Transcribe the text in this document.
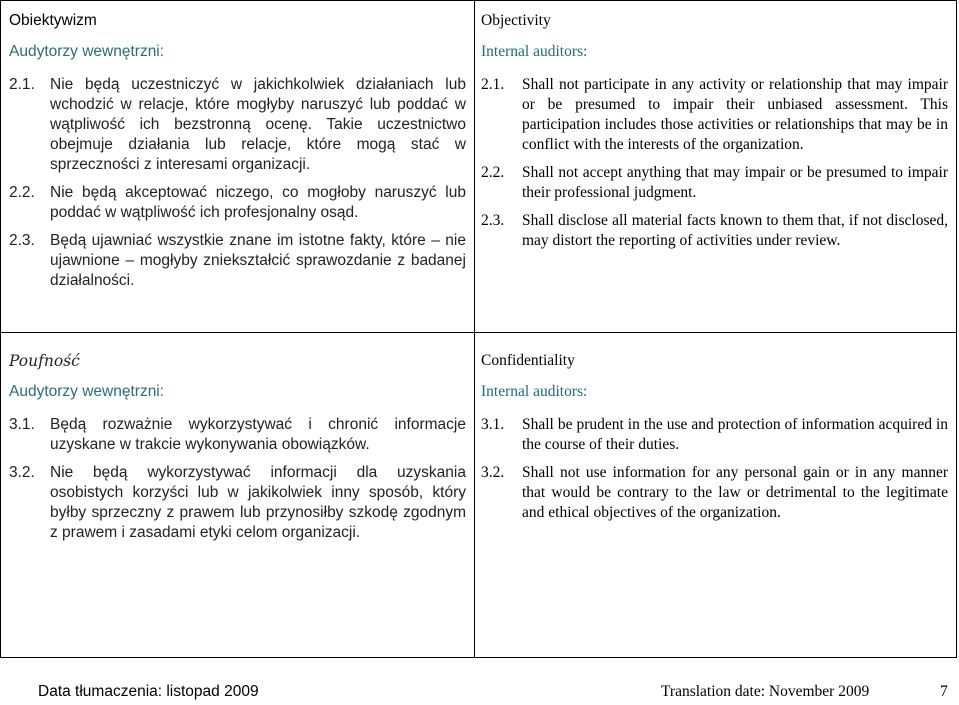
Obiektywizm
Audytorzy wewnętrzni:
2.1. Nie będą uczestniczyć w jakichkolwiek działaniach lub wchodzić w relacje, które mogłyby naruszyć lub poddać w wątpliwość ich bezstronną ocenę. Takie uczestnictwo obejmuje działania lub relacje, które mogą stać w sprzeczności z interesami organizacji.
2.2. Nie będą akceptować niczego, co mogłoby naruszyć lub poddać w wątpliwość ich profesjonalny osąd.
2.3. Będą ujawniać wszystkie znane im istotne fakty, które – nie ujawnione – mogłyby zniekształcić sprawozdanie z badanej działalności.
Objectivity
Internal auditors:
2.1.	Shall not participate in any activity or relationship that may impair or be presumed to impair their unbiased assessment. This participation includes those activities or relationships that may be in conflict with the interests of the organization.
2.2.	Shall not accept anything that may impair or be presumed to impair their professional judgment.
2.3.	Shall disclose all material facts known to them that, if not disclosed, may distort the reporting of activities under review.
Poufność
Audytorzy wewnętrzni:
3.1. Będą rozważnie wykorzystywać i chronić informacje uzyskane w trakcie wykonywania obowiązków.
3.2. Nie będą wykorzystywać informacji dla uzyskania osobistych korzyści lub w jakikolwiek inny sposób, który byłby sprzeczny z prawem lub przynosiłby szkodę zgodnym z prawem i zasadami etyki celom organizacji.
Confidentiality
Internal auditors:
3.1.	Shall be prudent in the use and protection of information acquired in the course of their duties.
3.2.	Shall not use information for any personal gain or in any manner that would be contrary to the law or detrimental to the legitimate and ethical objectives of the organization.
Data tłumaczenia: listopad 2009	Translation date: November 2009	7
